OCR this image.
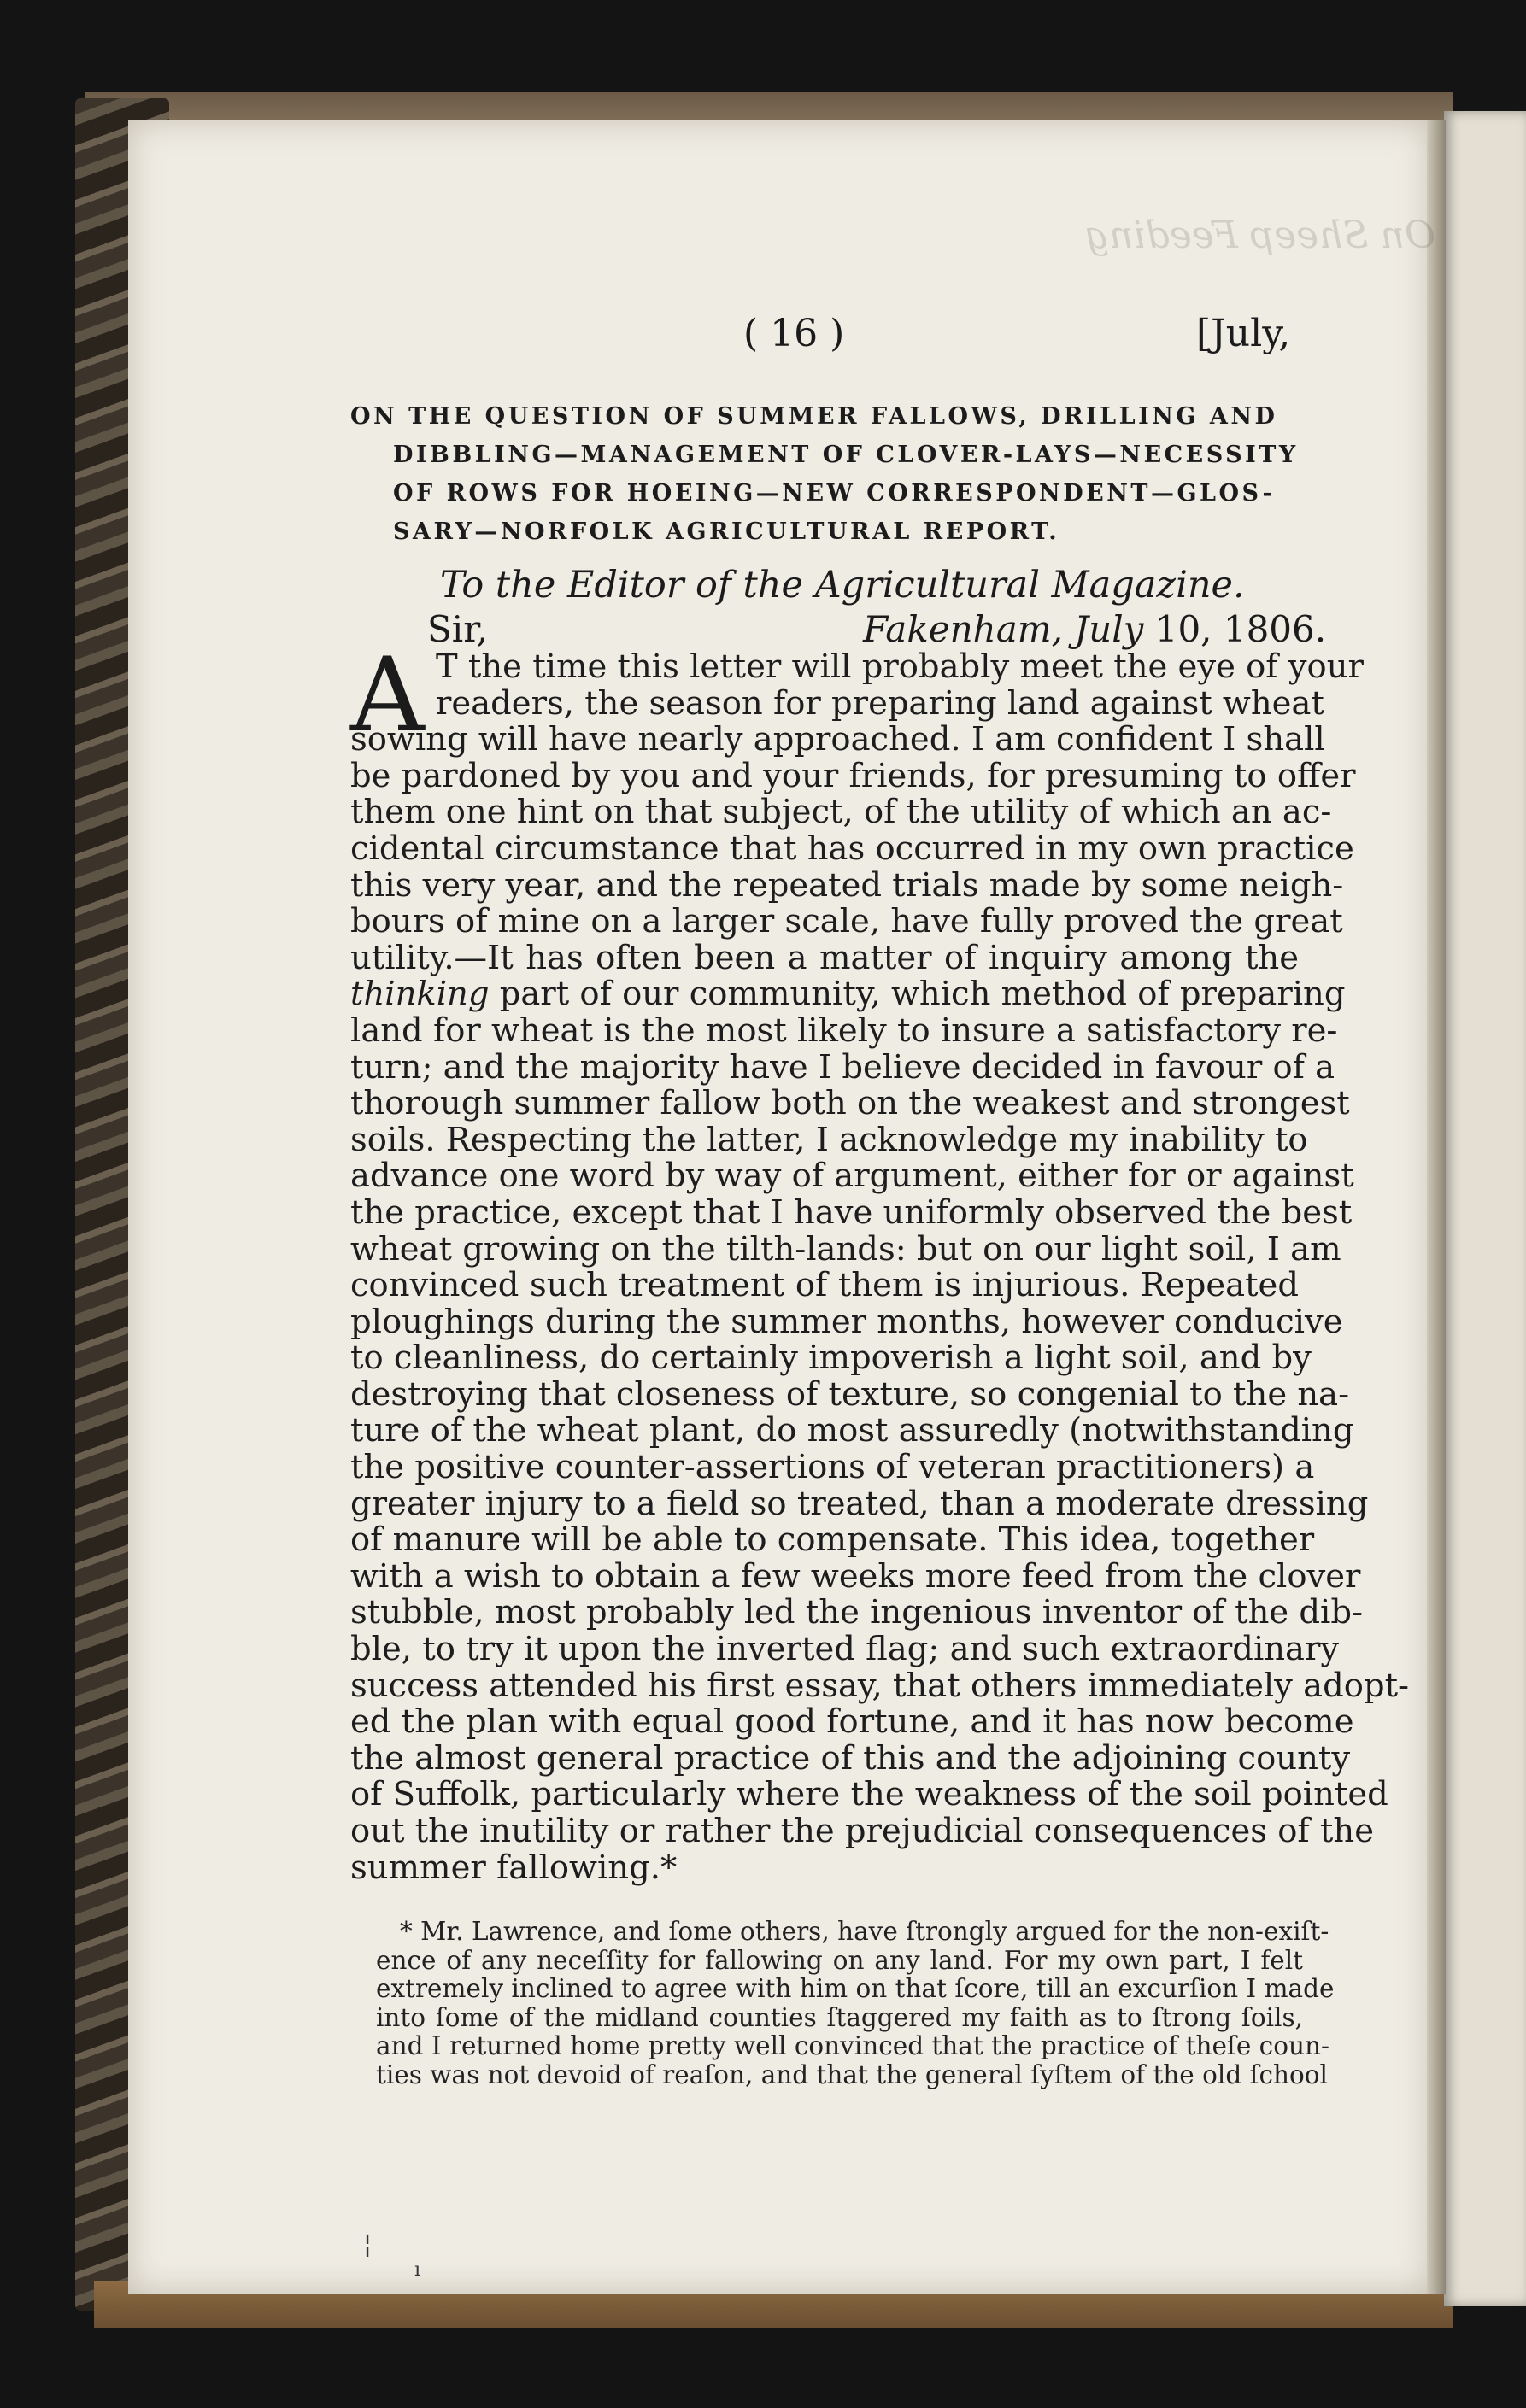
On Sheep Feeding
( 16 )	[July,
ON THE QUESTION OF SUMMER FALLOWS, DRILLING AND
DIBBLING—MANAGEMENT OF CLOVER-LAYS—NECESSITY
OF ROWS FOR HOEING—NEW CORRESPONDENT—GLOS-
SARY—NORFOLK AGRICULTURAL REPORT.
To the Editor of the Agricultural Magazine.
Sir,	Fakenham, July 10, 1806.
A T the time this letter will probably meet the eye of your
readers, the season for preparing land against wheat
sowing will have nearly approached. I am confident I shall
be pardoned by you and your friends, for presuming to offer
them one hint on that subject, of the utility of which an ac-
cidental circumstance that has occurred in my own practice
this very year, and the repeated trials made by some neigh-
bours of mine on a larger scale, have fully proved the great
utility.—It has often been a matter of inquiry among the
thinking part of our community, which method of preparing
land for wheat is the most likely to insure a satisfactory re-
turn; and the majority have I believe decided in favour of a
thorough summer fallow both on the weakest and strongest
soils. Respecting the latter, I acknowledge my inability to
advance one word by way of argument, either for or against
the practice, except that I have uniformly observed the best
wheat growing on the tilth-lands: but on our light soil, I am
convinced such treatment of them is injurious. Repeated
ploughings during the summer months, however conducive
to cleanliness, do certainly impoverish a light soil, and by
destroying that closeness of texture, so congenial to the na-
ture of the wheat plant, do most assuredly (notwithstanding
the positive counter-assertions of veteran practitioners) a
greater injury to a field so treated, than a moderate dressing
of manure will be able to compensate. This idea, together
with a wish to obtain a few weeks more feed from the clover
stubble, most probably led the ingenious inventor of the dib-
ble, to try it upon the inverted flag; and such extraordinary
success attended his first essay, that others immediately adopt-
ed the plan with equal good fortune, and it has now become
the almost general practice of this and the adjoining county
of Suffolk, particularly where the weakness of the soil pointed
out the inutility or rather the prejudicial consequences of the
summer fallowing.*
* Mr. Lawrence, and ſome others, have ſtrongly argued for the non-exiſt-
ence of any neceſſity for fallowing on any land. For my own part, I felt
extremely inclined to agree with him on that ſcore, till an excurſion I made
into ſome of the midland counties ſtaggered my faith as to ſtrong ſoils,
and I returned home pretty well convinced that the practice of theſe coun-
ties was not devoid of reaſon, and that the general ſyſtem of the old ſchool
¦
ı
